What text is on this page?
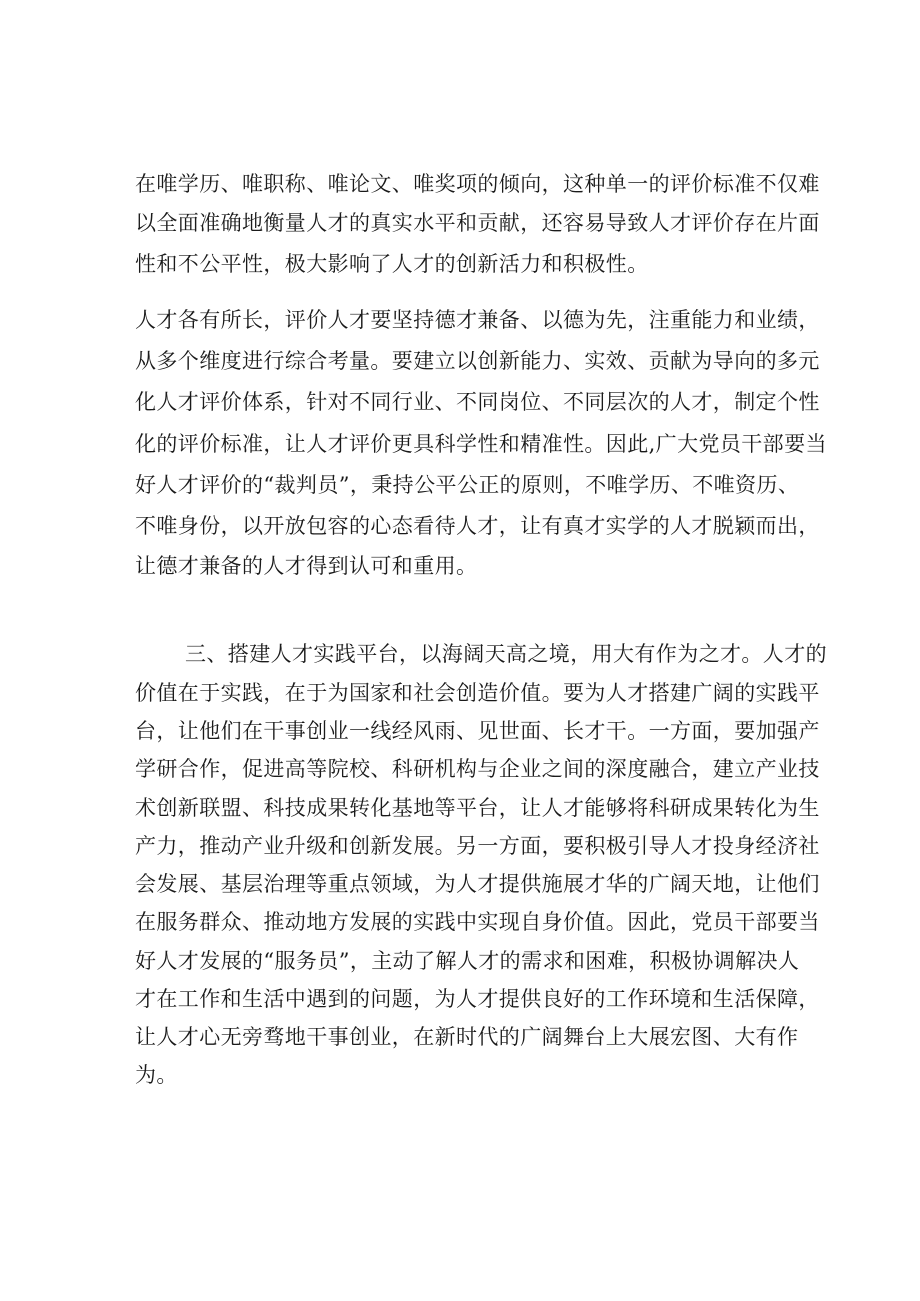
在唯学历、唯职称、唯论文、唯奖项的倾向，这种单一的评价标准不仅难
以全面准确地衡量人才的真实水平和贡献，还容易导致人才评价存在片面
性和不公平性，极大影响了人才的创新活力和积极性。
人才各有所长，评价人才要坚持德才兼备、以德为先，注重能力和业绩，
从多个维度进行综合考量。要建立以创新能力、实效、贡献为导向的多元
化人才评价体系，针对不同行业、不同岗位、不同层次的人才，制定个性
化的评价标准，让人才评价更具科学性和精准性。因此,广大党员干部要当
好人才评价的“裁判员”，秉持公平公正的原则，不唯学历、不唯资历、
不唯身份，以开放包容的心态看待人才，让有真才实学的人才脱颖而出，
让德才兼备的人才得到认可和重用。
三、搭建人才实践平台，以海阔天高之境，用大有作为之才。人才的
价值在于实践，在于为国家和社会创造价值。要为人才搭建广阔的实践平
台，让他们在干事创业一线经风雨、见世面、长才干。一方面，要加强产
学研合作，促进高等院校、科研机构与企业之间的深度融合，建立产业技
术创新联盟、科技成果转化基地等平台，让人才能够将科研成果转化为生
产力，推动产业升级和创新发展。另一方面，要积极引导人才投身经济社
会发展、基层治理等重点领域，为人才提供施展才华的广阔天地，让他们
在服务群众、推动地方发展的实践中实现自身价值。因此，党员干部要当
好人才发展的“服务员”，主动了解人才的需求和困难，积极协调解决人
才在工作和生活中遇到的问题，为人才提供良好的工作环境和生活保障，
让人才心无旁骛地干事创业，在新时代的广阔舞台上大展宏图、大有作
为。
